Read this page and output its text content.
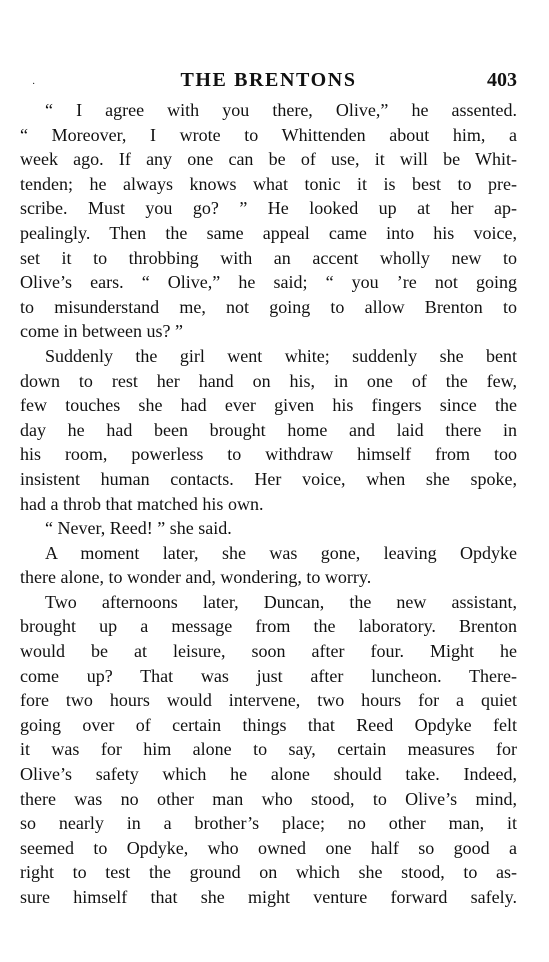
·	THE BRENTONS	403
“ I agree with you there, Olive,” he assented.
“ Moreover, I wrote to Whittenden about him, a
week ago. If any one can be of use, it will be Whit-
tenden; he always knows what tonic it is best to pre-
scribe. Must you go? ” He looked up at her ap-
pealingly. Then the same appeal came into his voice,
set it to throbbing with an accent wholly new to
Olive’s ears. “ Olive,” he said; “ you ’re not going
to misunderstand me, not going to allow Brenton to
come in between us? ”
Suddenly the girl went white; suddenly she bent
down to rest her hand on his, in one of the few,
few touches she had ever given his fingers since the
day he had been brought home and laid there in
his room, powerless to withdraw himself from too
insistent human contacts. Her voice, when she spoke,
had a throb that matched his own.
“ Never, Reed! ” she said.
A moment later, she was gone, leaving Opdyke
there alone, to wonder and, wondering, to worry.
Two afternoons later, Duncan, the new assistant,
brought up a message from the laboratory. Brenton
would be at leisure, soon after four. Might he
come up? That was just after luncheon. There-
fore two hours would intervene, two hours for a quiet
going over of certain things that Reed Opdyke felt
it was for him alone to say, certain measures for
Olive’s safety which he alone should take. Indeed,
there was no other man who stood, to Olive’s mind,
so nearly in a brother’s place; no other man, it
seemed to Opdyke, who owned one half so good a
right to test the ground on which she stood, to as-
sure himself that she might venture forward safely.
